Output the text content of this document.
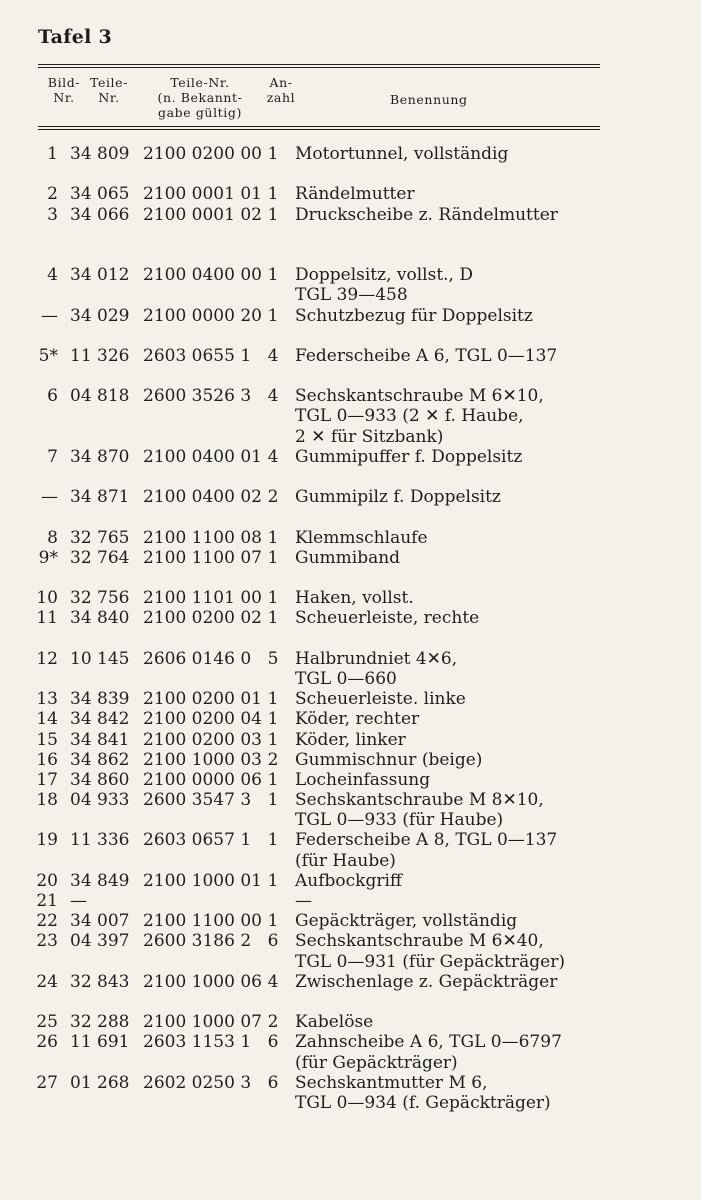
Tafel 3
Bild-
Nr.
Teile-
Nr.
Teile-Nr.
(n. Bekannt-
gabe gültig)
An-
zahl	Benennung
1 34 809 2100 0200 00 1 Motortunnel, vollständig
2 34 065 2100 0001 01 1 Rändelmutter
3 34 066 2100 0001 02 1 Druckscheibe z. Rändelmutter
4 34 012 2100 0400 00 1 Doppelsitz, vollst., D
TGL 39—458
— 34 029 2100 0000 20 1 Schutzbezug für Doppelsitz
5* 11 326 2603 0655 1 4 Federscheibe A 6, TGL 0—137
6 04 818 2600 3526 3 4 Sechskantschraube M 6✕10,
TGL 0—933 (2 ✕ f. Haube,
2 ✕ für Sitzbank)
7 34 870 2100 0400 01 4 Gummipuffer f. Doppelsitz
— 34 871 2100 0400 02 2 Gummipilz f. Doppelsitz
8 32 765 2100 1100 08 1 Klemmschlaufe
9* 32 764 2100 1100 07 1 Gummiband
10 32 756 2100 1101 00 1 Haken, vollst.
11 34 840 2100 0200 02 1 Scheuerleiste, rechte
12 10 145 2606 0146 0 5 Halbrundniet 4✕6,
TGL 0—660
13 34 839 2100 0200 01 1 Scheuerleiste. linke
14 34 842 2100 0200 04 1 Köder, rechter
15 34 841 2100 0200 03 1 Köder, linker
16 34 862 2100 1000 03 2 Gummischnur (beige)
17 34 860 2100 0000 06 1 Locheinfassung
18 04 933 2600 3547 3 1 Sechskantschraube M 8✕10,
TGL 0—933 (für Haube)
19 11 336 2603 0657 1 1 Federscheibe A 8, TGL 0—137
(für Haube)
20 34 849 2100 1000 01 1 Aufbockgriff
21 —	—
22 34 007 2100 1100 00 1 Gepäckträger, vollständig
23 04 397 2600 3186 2 6 Sechskantschraube M 6✕40,
TGL 0—931 (für Gepäckträger)
24 32 843 2100 1000 06 4 Zwischenlage z. Gepäckträger
25 32 288 2100 1000 07 2 Kabelöse
26 11 691 2603 1153 1 6 Zahnscheibe A 6, TGL 0—6797
(für Gepäckträger)
27 01 268 2602 0250 3 6 Sechskantmutter M 6,
TGL 0—934 (f. Gepäckträger)
